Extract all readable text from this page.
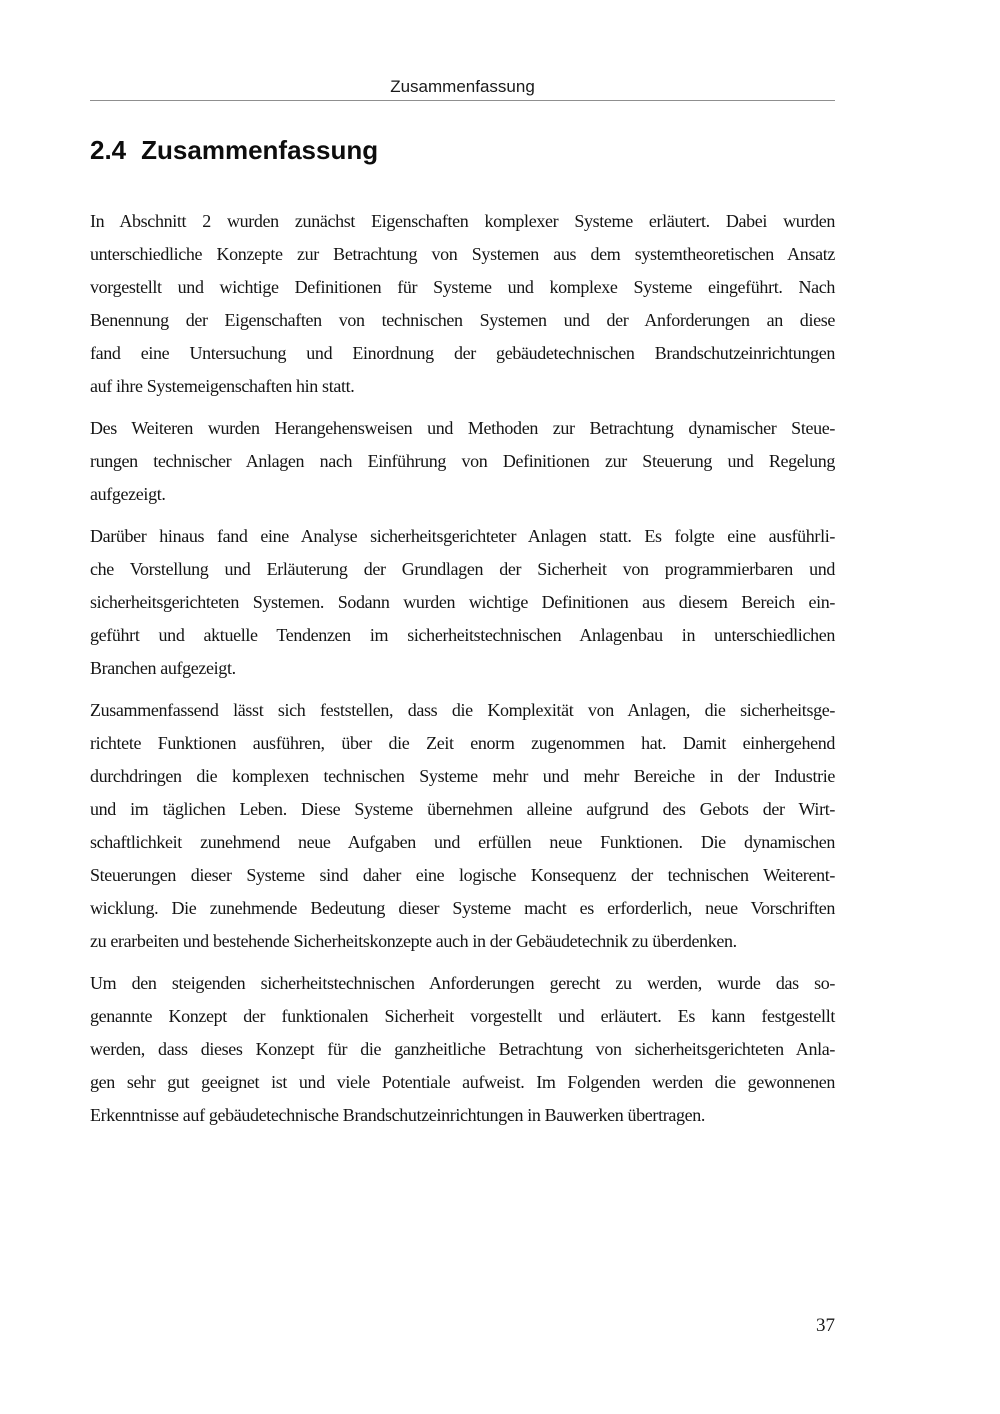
Zusammenfassung
2.4 Zusammenfassung

In Abschnitt 2 wurden zunächst Eigenschaften komplexer Systeme erläutert. Dabei wurden
unterschiedliche Konzepte zur Betrachtung von Systemen aus dem systemtheoretischen Ansatz
vorgestellt und wichtige Definitionen für Systeme und komplexe Systeme eingeführt. Nach
Benennung der Eigenschaften von technischen Systemen und der Anforderungen an diese
fand eine Untersuchung und Einordnung der gebäudetechnischen Brandschutzeinrichtungen
auf ihre Systemeigenschaften hin statt.

Des Weiteren wurden Herangehensweisen und Methoden zur Betrachtung dynamischer Steue-
rungen technischer Anlagen nach Einführung von Definitionen zur Steuerung und Regelung
aufgezeigt.

Darüber hinaus fand eine Analyse sicherheitsgerichteter Anlagen statt. Es folgte eine ausführli-
che Vorstellung und Erläuterung der Grundlagen der Sicherheit von programmierbaren und
sicherheitsgerichteten Systemen. Sodann wurden wichtige Definitionen aus diesem Bereich ein-
geführt und aktuelle Tendenzen im sicherheitstechnischen Anlagenbau in unterschiedlichen
Branchen aufgezeigt.

Zusammenfassend lässt sich feststellen, dass die Komplexität von Anlagen, die sicherheitsge-
richtete Funktionen ausführen, über die Zeit enorm zugenommen hat. Damit einhergehend
durchdringen die komplexen technischen Systeme mehr und mehr Bereiche in der Industrie
und im täglichen Leben. Diese Systeme übernehmen alleine aufgrund des Gebots der Wirt-
schaftlichkeit zunehmend neue Aufgaben und erfüllen neue Funktionen. Die dynamischen
Steuerungen dieser Systeme sind daher eine logische Konsequenz der technischen Weiterent-
wicklung. Die zunehmende Bedeutung dieser Systeme macht es erforderlich, neue Vorschriften
zu erarbeiten und bestehende Sicherheitskonzepte auch in der Gebäudetechnik zu überdenken.

Um den steigenden sicherheitstechnischen Anforderungen gerecht zu werden, wurde das so-
genannte Konzept der funktionalen Sicherheit vorgestellt und erläutert. Es kann festgestellt
werden, dass dieses Konzept für die ganzheitliche Betrachtung von sicherheitsgerichteten Anla-
gen sehr gut geeignet ist und viele Potentiale aufweist. Im Folgenden werden die gewonnenen
Erkenntnisse auf gebäudetechnische Brandschutzeinrichtungen in Bauwerken übertragen.

37
